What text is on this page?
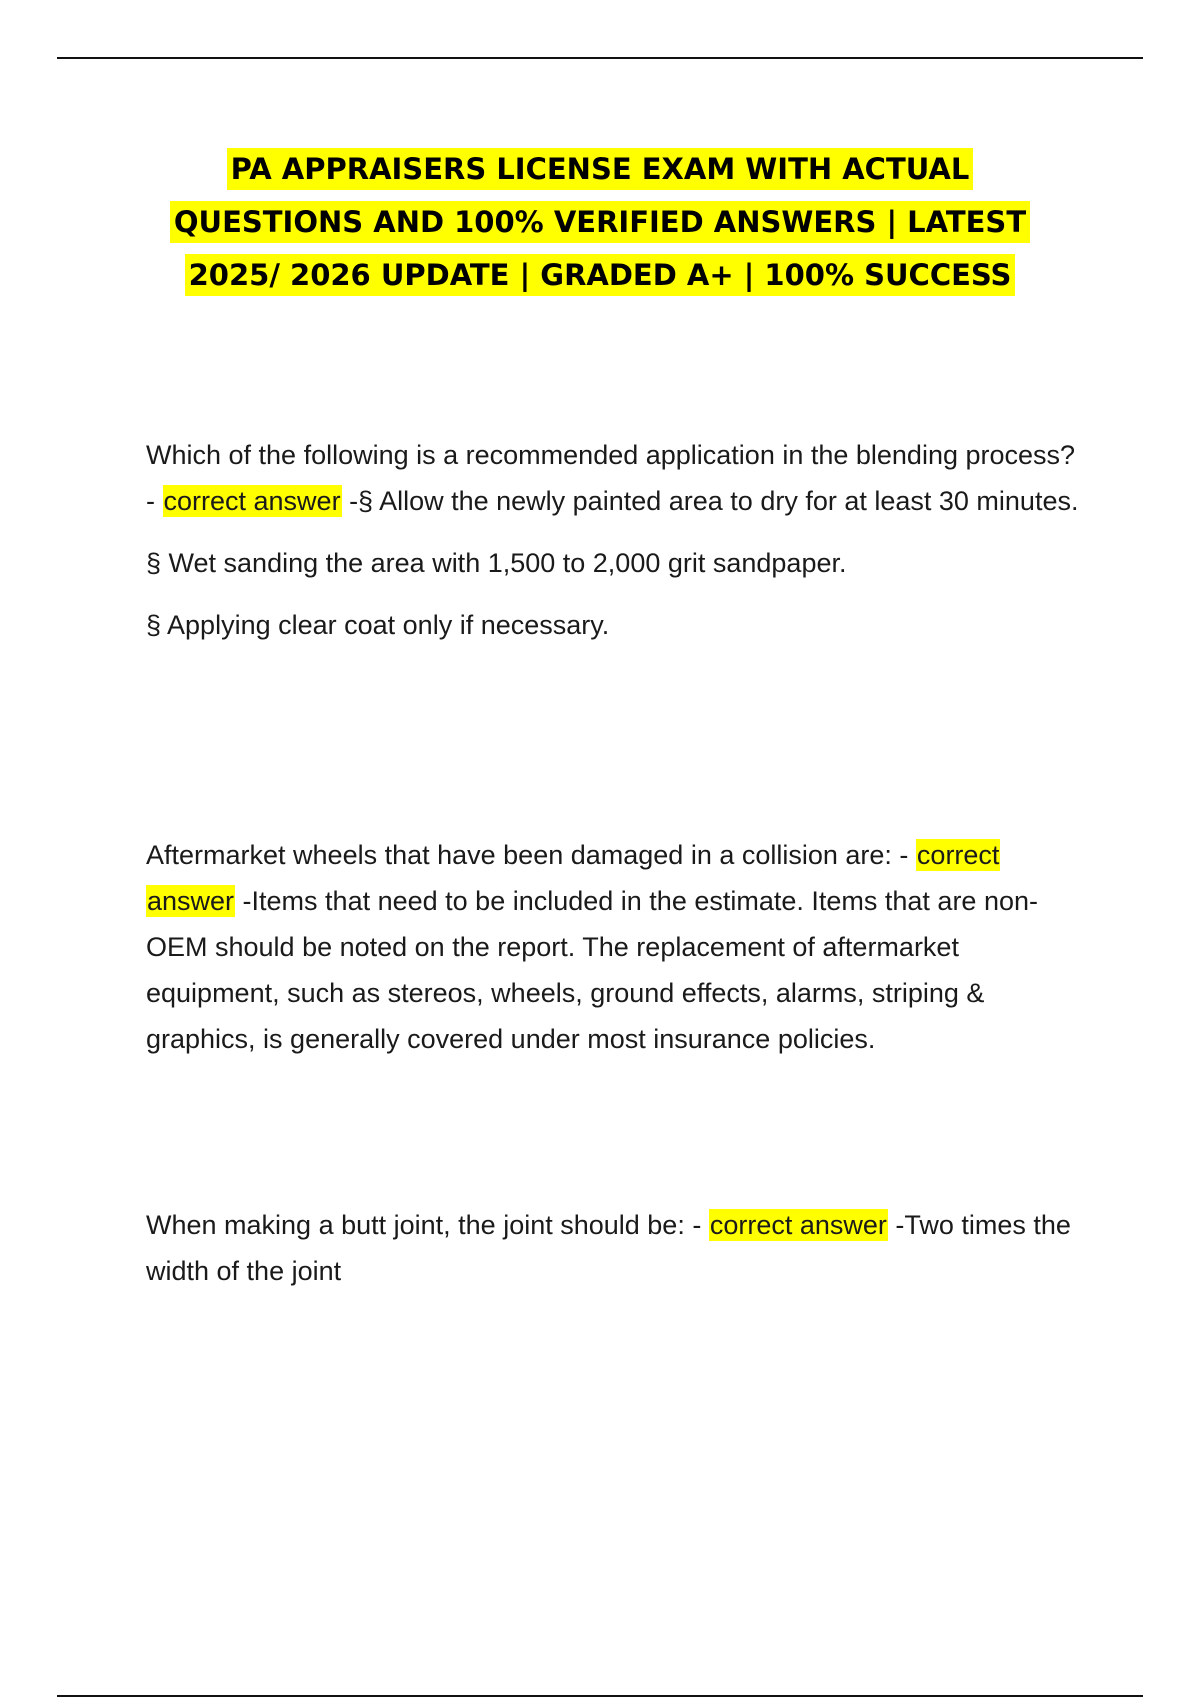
PA APPRAISERS LICENSE EXAM WITH ACTUAL QUESTIONS AND 100% VERIFIED ANSWERS | LATEST 2025/ 2026 UPDATE | GRADED A+ | 100% SUCCESS

Which of the following is a recommended application in the blending process? - correct answer -§ Allow the newly painted area to dry for at least 30 minutes.

§ Wet sanding the area with 1,500 to 2,000 grit sandpaper.

§ Applying clear coat only if necessary.

Aftermarket wheels that have been damaged in a collision are: - correct answer -Items that need to be included in the estimate. Items that are non-OEM should be noted on the report. The replacement of aftermarket equipment, such as stereos, wheels, ground effects, alarms, striping & graphics, is generally covered under most insurance policies.

When making a butt joint, the joint should be: - correct answer -Two times the width of the joint
